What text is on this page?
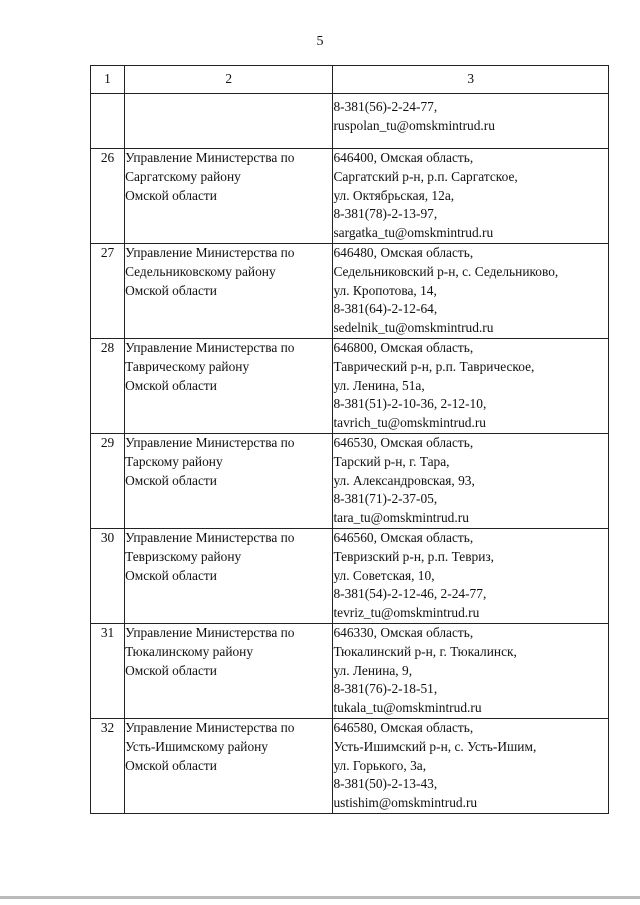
5
1	2	3

		8-381(56)-2-24-77,
ruspolan_tu@omskmintrud.ru

26	Управление Министерства по
Саргатскому району
Омской области	646400, Омская область,
Саргатский р-н, р.п. Саргатское,
ул. Октябрьская, 12а,
8-381(78)-2-13-97,
sargatka_tu@omskmintrud.ru

27	Управление Министерства по
Седельниковскому району
Омской области	646480, Омская область,
Седельниковский р-н, с. Седельниково,
ул. Кропотова, 14,
8-381(64)-2-12-64,
sedelnik_tu@omskmintrud.ru

28	Управление Министерства по
Таврическому району
Омской области	646800, Омская область,
Таврический р-н, р.п. Таврическое,
ул. Ленина, 51а,
8-381(51)-2-10-36, 2-12-10,
tavrich_tu@omskmintrud.ru

29	Управление Министерства по
Тарскому району
Омской области	646530, Омская область,
Тарский р-н, г. Тара,
ул. Александровская, 93,
8-381(71)-2-37-05,
tara_tu@omskmintrud.ru

30	Управление Министерства по
Тевризскому району
Омской области	646560, Омская область,
Тевризский р-н, р.п. Тевриз,
ул. Советская, 10,
8-381(54)-2-12-46, 2-24-77,
tevriz_tu@omskmintrud.ru

31	Управление Министерства по
Тюкалинскому району
Омской области	646330, Омская область,
Тюкалинский р-н, г. Тюкалинск,
ул. Ленина, 9,
8-381(76)-2-18-51,
tukala_tu@omskmintrud.ru

32	Управление Министерства по
Усть-Ишимскому району
Омской области	646580, Омская область,
Усть-Ишимский р-н, с. Усть-Ишим,
ул. Горького, 3а,
8-381(50)-2-13-43,
ustishim@omskmintrud.ru
